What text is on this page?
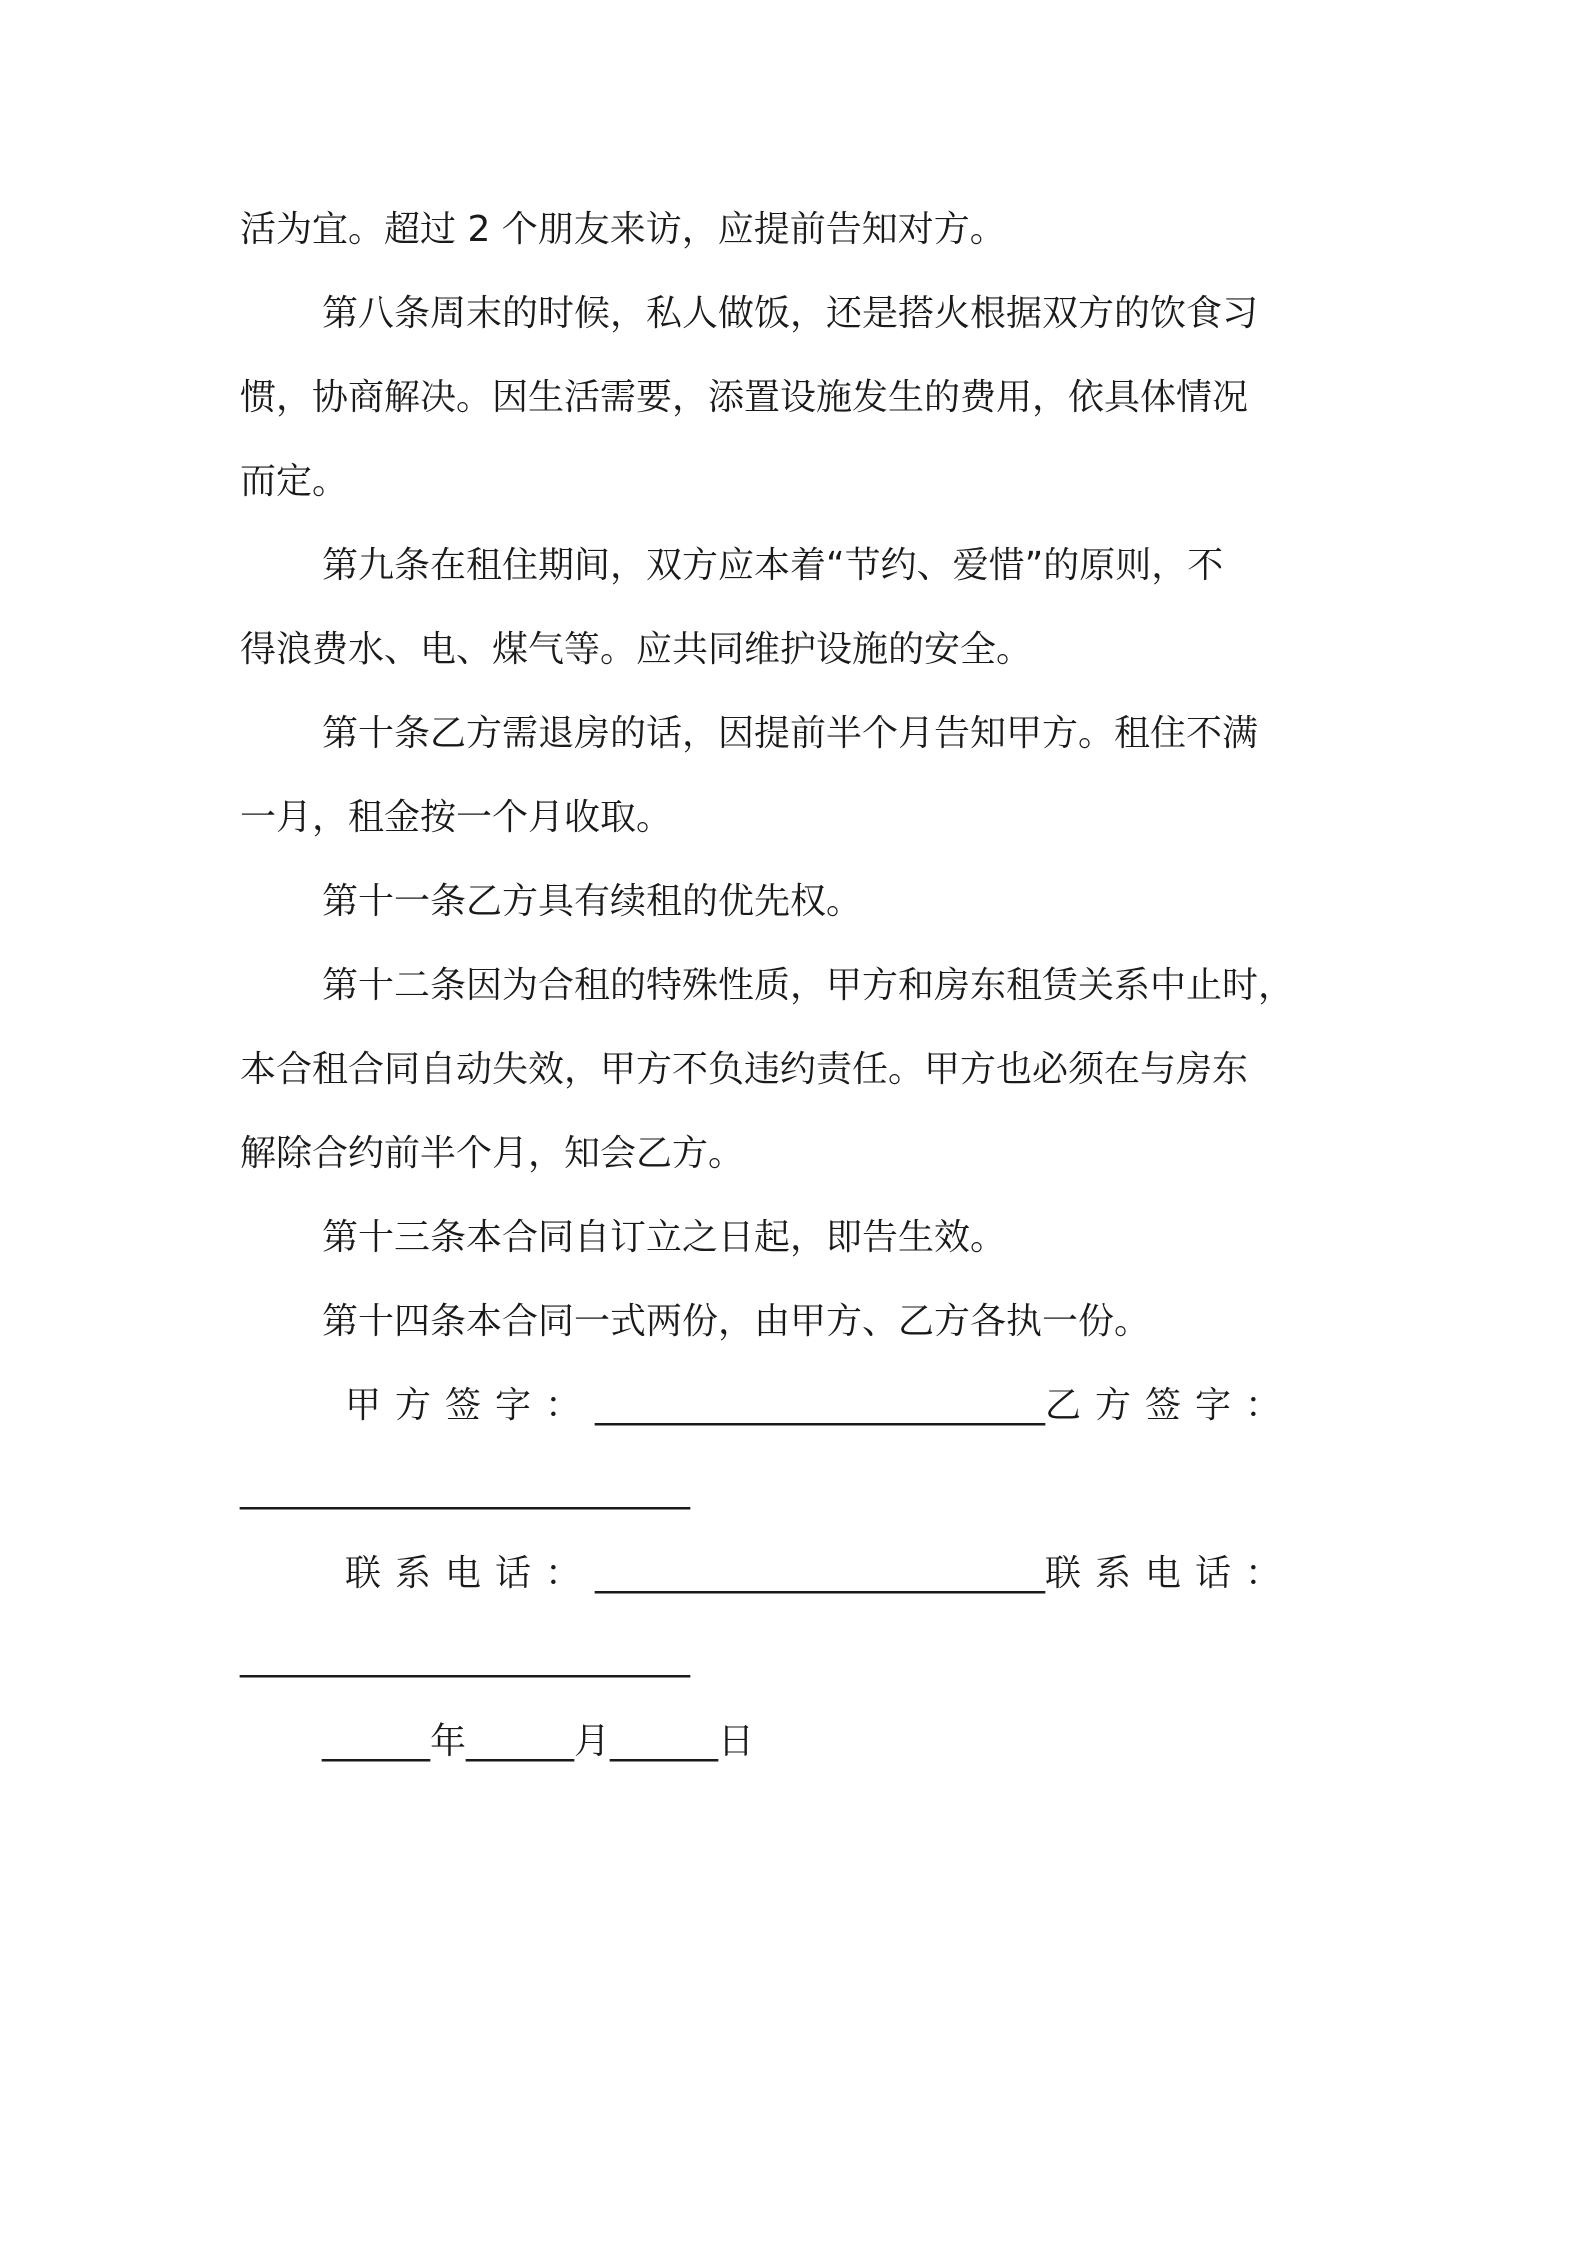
活为宜。超过 2 个朋友来访，应提前告知对方。
第八条周末的时候，私人做饭，还是搭火根据双方的饮食习
惯，协商解决。因生活需要，添置设施发生的费用，依具体情况
而定。
第九条在租住期间，双方应本着“节约、爱惜”的原则，不
得浪费水、电、煤气等。应共同维护设施的安全。
第十条乙方需退房的话，因提前半个月告知甲方。租住不满
一月，租金按一个月收取。
第十一条乙方具有续租的优先权。
第十二条因为合租的特殊性质，甲方和房东租赁关系中止时，
本合租合同自动失效，甲方不负违约责任。甲方也必须在与房东
解除合约前半个月，知会乙方。
第十三条本合同自订立之日起，即告生效。
第十四条本合同一式两份，由甲方、乙方各执一份。
甲方签字：_________________________乙方签字：
_________________________
联系电话：_________________________联系电话：
_________________________
______年______月______日
